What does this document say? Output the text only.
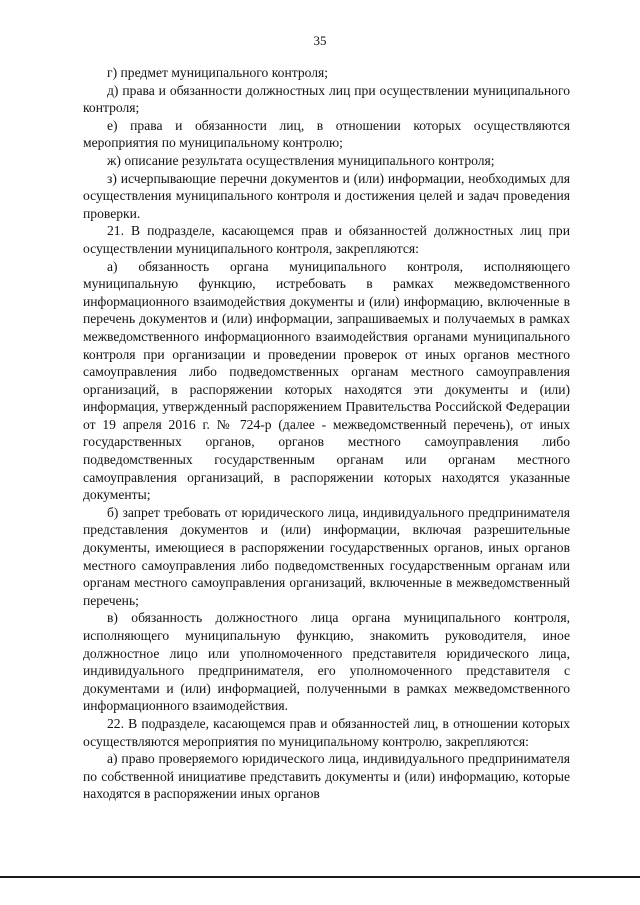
35

г) предмет муниципального контроля;

д) права и обязанности должностных лиц при осуществлении муниципального контроля;

е) права и обязанности лиц, в отношении которых осуществляются мероприятия по муниципальному контролю;

ж) описание результата осуществления муниципального контроля;

з) исчерпывающие перечни документов и (или) информации, необходимых для осуществления муниципального контроля и достижения целей и задач проведения проверки.

21. В подразделе, касающемся прав и обязанностей должностных лиц при осуществлении муниципального контроля, закрепляются:

а) обязанность органа муниципального контроля, исполняющего муниципальную функцию, истребовать в рамках межведомственного информационного взаимодействия документы и (или) информацию, включенные в перечень документов и (или) информации, запрашиваемых и получаемых в рамках межведомственного информационного взаимодействия органами муниципального контроля при организации и проведении проверок от иных органов местного самоуправления либо подведомственных органам местного самоуправления организаций, в распоряжении которых находятся эти документы и (или) информация, утвержденный распоряжением Правительства Российской Федерации от 19 апреля 2016 г. № 724-р (далее - межведомственный перечень), от иных государственных органов, органов местного самоуправления либо подведомственных государственным органам или органам местного самоуправления организаций, в распоряжении которых находятся указанные документы;

б) запрет требовать от юридического лица, индивидуального предпринимателя представления документов и (или) информации, включая разрешительные документы, имеющиеся в распоряжении государственных органов, иных органов местного самоуправления либо подведомственных государственным органам или органам местного самоуправления организаций, включенные в межведомственный перечень;

в) обязанность должностного лица органа муниципального контроля, исполняющего муниципальную функцию, знакомить руководителя, иное должностное лицо или уполномоченного представителя юридического лица, индивидуального предпринимателя, его уполномоченного представителя с документами и (или) информацией, полученными в рамках межведомственного информационного взаимодействия.

22. В подразделе, касающемся прав и обязанностей лиц, в отношении которых осуществляются мероприятия по муниципальному контролю, закрепляются:

а) право проверяемого юридического лица, индивидуального предпринимателя по собственной инициативе представить документы и (или) информацию, которые находятся в распоряжении иных органов
